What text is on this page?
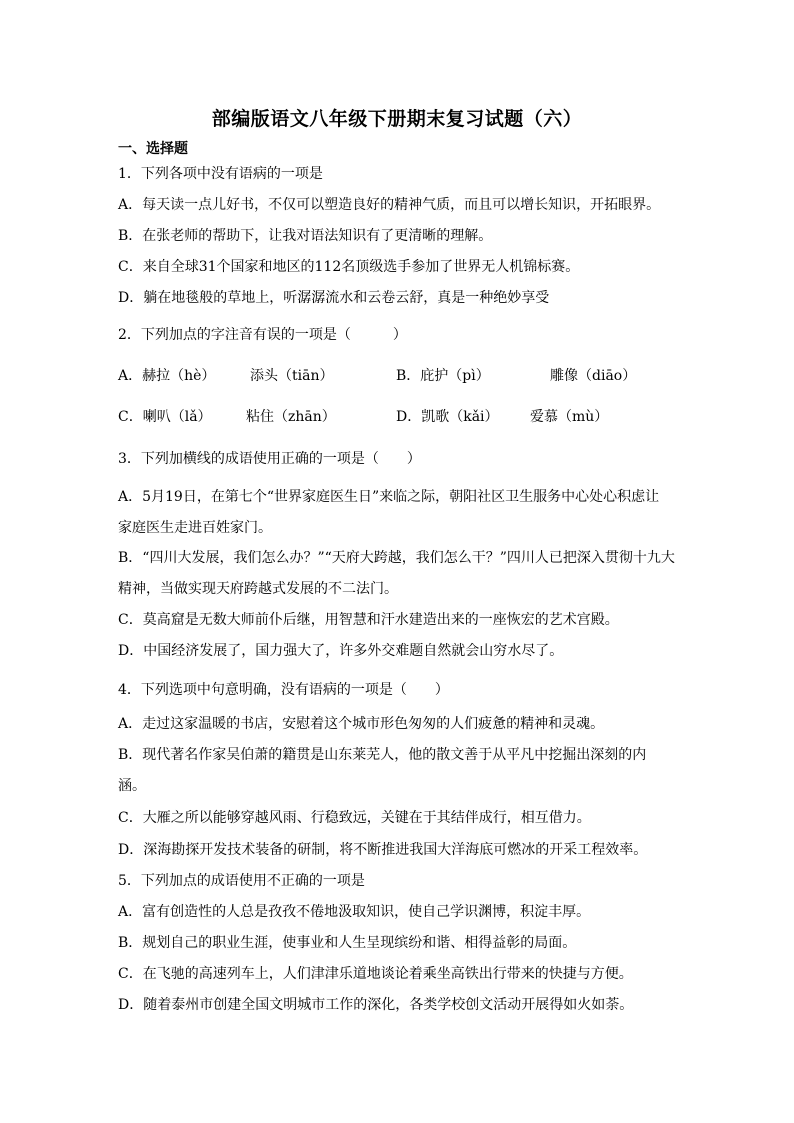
部编版语文八年级下册期末复习试题（六）
一、选择题
1．下列各项中没有语病的一项是
A．每天读一点儿好书，不仅可以塑造良好的精神气质，而且可以增长知识，开拓眼界。
B．在张老师的帮助下，让我对语法知识有了更清晰的理解。
C．来自全球31个国家和地区的112名顶级选手参加了世界无人机锦标赛。
D．躺在地毯般的草地上，听潺潺流水和云卷云舒，真是一种绝妙享受
2．下列加点的字注音有误的一项是（　　　）
A．赫拉（hè） 添头（tiān）	B．庇护（pì）	雕像（diāo）
C．喇叭（lǎ） 粘住（zhān）	D．凯歌（kǎi） 爱慕（mù）
3．下列加横线的成语使用正确的一项是（　　）
A．5月19日，在第七个“世界家庭医生日”来临之际，朝阳社区卫生服务中心处心积虑让
家庭医生走进百姓家门。
B．“四川大发展，我们怎么办？”“天府大跨越，我们怎么干？”四川人已把深入贯彻十九大
精神，当做实现天府跨越式发展的不二法门。
C．莫高窟是无数大师前仆后继，用智慧和汗水建造出来的一座恢宏的艺术宫殿。
D．中国经济发展了，国力强大了，许多外交难题自然就会山穷水尽了。
4．下列选项中句意明确，没有语病的一项是（　　）
A．走过这家温暖的书店，安慰着这个城市形色匆匆的人们疲惫的精神和灵魂。
B．现代著名作家吴伯萧的籍贯是山东莱芜人，他的散文善于从平凡中挖掘出深刻的内
涵。
C．大雁之所以能够穿越风雨、行稳致远，关键在于其结伴成行，相互借力。
D．深海勘探开发技术装备的研制，将不断推进我国大洋海底可燃冰的开采工程效率。
5．下列加点的成语使用不正确的一项是
A．富有创造性的人总是孜孜不倦地汲取知识，使自己学识渊博，积淀丰厚。
B．规划自己的职业生涯，使事业和人生呈现缤纷和谐、相得益彰的局面。
C．在飞驰的高速列车上，人们津津乐道地谈论着乘坐高铁出行带来的快捷与方便。
D．随着泰州市创建全国文明城市工作的深化，各类学校创文活动开展得如火如荼。
